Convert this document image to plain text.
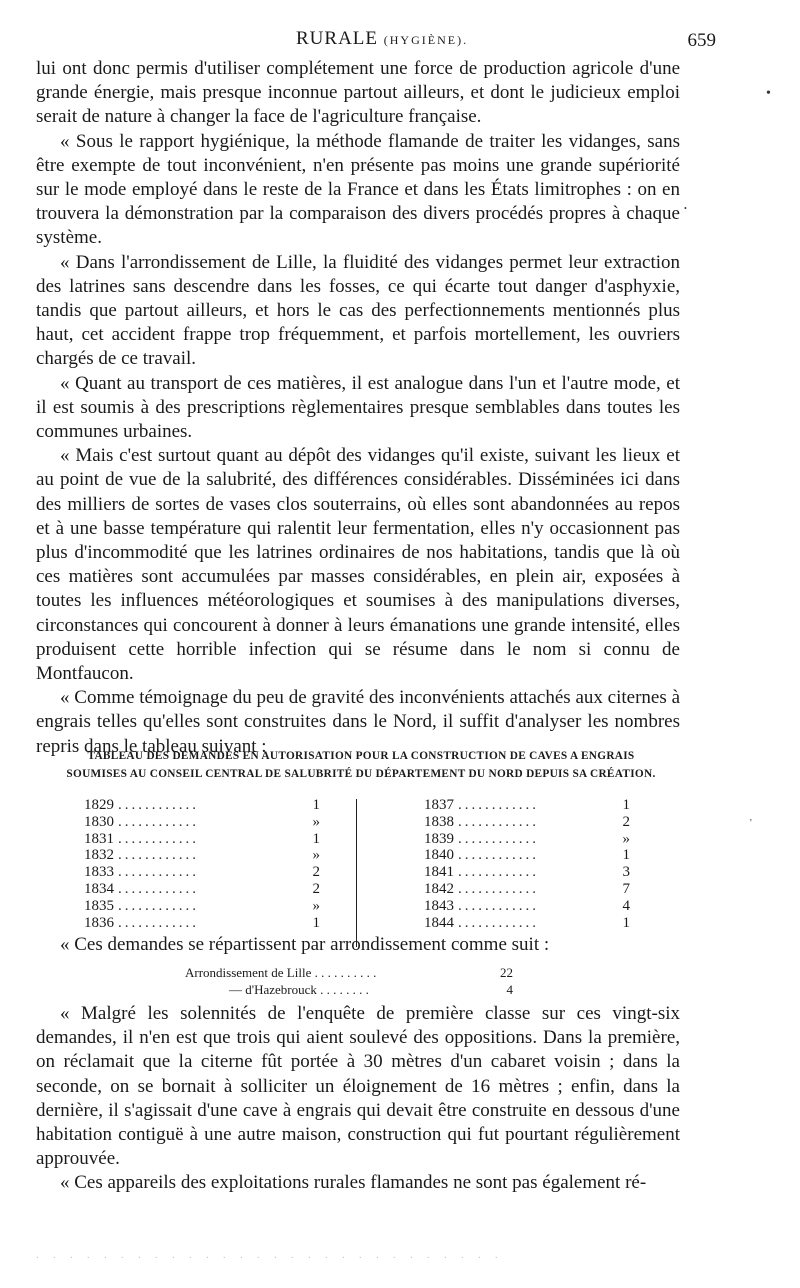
RURALE (HYGIÈNE).	659

lui ont donc permis d'utiliser complétement une force de production agricole d'une grande énergie, mais presque inconnue partout ailleurs, et dont le judicieux emploi serait de nature à changer la face de l'agriculture française.

« Sous le rapport hygiénique, la méthode flamande de traiter les vidanges, sans être exempte de tout inconvénient, n'en présente pas moins une grande supériorité sur le mode employé dans le reste de la France et dans les États limitrophes : on en trouvera la démonstration par la comparaison des divers procédés propres à chaque système.

« Dans l'arrondissement de Lille, la fluidité des vidanges permet leur extraction des latrines sans descendre dans les fosses, ce qui écarte tout danger d'asphyxie, tandis que partout ailleurs, et hors le cas des perfectionnements mentionnés plus haut, cet accident frappe trop fréquemment, et parfois mortellement, les ouvriers chargés de ce travail.

« Quant au transport de ces matières, il est analogue dans l'un et l'autre mode, et il est soumis à des prescriptions règlementaires presque semblables dans toutes les communes urbaines.

« Mais c'est surtout quant au dépôt des vidanges qu'il existe, suivant les lieux et au point de vue de la salubrité, des différences considérables. Disséminées ici dans des milliers de sortes de vases clos souterrains, où elles sont abandonnées au repos et à une basse température qui ralentit leur fermentation, elles n'y occasionnent pas plus d'incommodité que les latrines ordinaires de nos habitations, tandis que là où ces matières sont accumulées par masses considérables, en plein air, exposées à toutes les influences météorologiques et soumises à des manipulations diverses, circonstances qui concourent à donner à leurs émanations une grande intensité, elles produisent cette horrible infection qui se résume dans le nom si connu de Montfaucon.

« Comme témoignage du peu de gravité des inconvénients attachés aux citernes à engrais telles qu'elles sont construites dans le Nord, il suffit d'analyser les nombres repris dans le tableau suivant :

TABLEAU DES DEMANDES EN AUTORISATION POUR LA CONSTRUCTION DE CAVES A ENGRAIS
SOUMISES AU CONSEIL CENTRAL DE SALUBRITÉ DU DÉPARTEMENT DU NORD DEPUIS SA CRÉATION.
1829 ............	1
1830 ............	»
1831 ............	1
1832 ............	»
1833 ............	2
1834 ............	2
1835 ............	»
1836 ............	1
1837 ............	1
1838 ............	2
1839 ............	»
1840 ............	1
1841 ............	3
1842 ............	7
1843 ............	4
1844 ............	1
« Ces demandes se répartissent par arrondissement comme suit :
Arrondissement de Lille . . . . . . . . . .	22
— d'Hazebrouck . . . . . . . .	4

« Malgré les solennités de l'enquête de première classe sur ces vingt-six demandes, il n'en est que trois qui aient soulevé des oppositions. Dans la première, on réclamait que la citerne fût portée à 30 mètres d'un cabaret voisin ; dans la seconde, on se bornait à solliciter un éloignement de 16 mètres ; enfin, dans la dernière, il s'agissait d'une cave à engrais qui devait être construite en dessous d'une habitation contiguë à une autre maison, construction qui fut pourtant régulièrement approuvée.

« Ces appareils des exploitations rurales flamandes ne sont pas également ré-

•
•
'
. . . . . . . . . . . . . . . . . . . . . . . . . . . .
